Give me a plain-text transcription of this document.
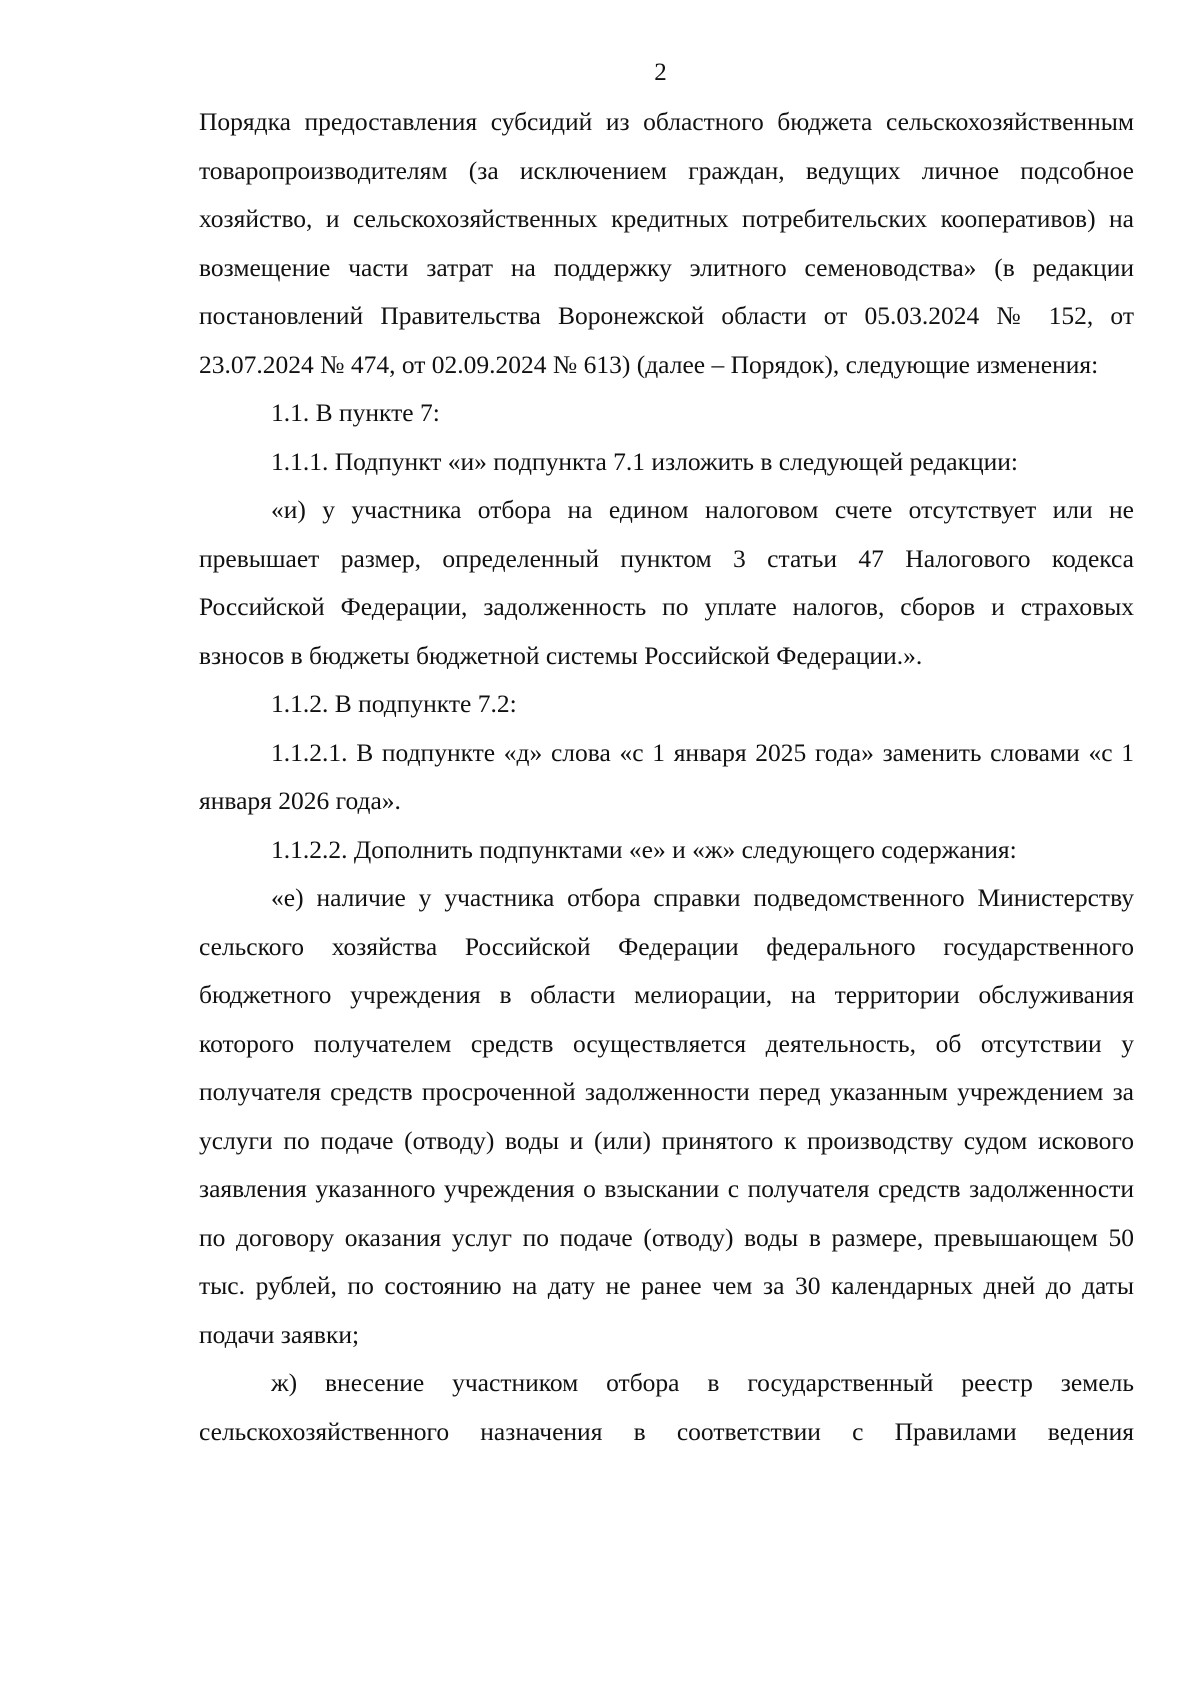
2

Порядка предоставления субсидий из областного бюджета сельскохозяйственным товаропроизводителям (за исключением граждан, ведущих личное подсобное хозяйство, и сельскохозяйственных кредитных потребительских кооперативов) на возмещение части затрат на поддержку элитного семеноводства» (в редакции постановлений Правительства Воронежской области от 05.03.2024 № 152, от 23.07.2024 № 474, от 02.09.2024 № 613) (далее – Порядок), следующие изменения:

1.1. В пункте 7:

1.1.1. Подпункт «и» подпункта 7.1 изложить в следующей редакции:

«и) у участника отбора на едином налоговом счете отсутствует или не превышает размер, определенный пунктом 3 статьи 47 Налогового кодекса Российской Федерации, задолженность по уплате налогов, сборов и страховых взносов в бюджеты бюджетной системы Российской Федерации.».

1.1.2. В подпункте 7.2:

1.1.2.1. В подпункте «д» слова «с 1 января 2025 года» заменить словами «с 1 января 2026 года».

1.1.2.2. Дополнить подпунктами «е» и «ж» следующего содержания:

«е) наличие у участника отбора справки подведомственного Министерству сельского хозяйства Российской Федерации федерального государственного бюджетного учреждения в области мелиорации, на территории обслуживания которого получателем средств осуществляется деятельность, об отсутствии у получателя средств просроченной задолженности перед указанным учреждением за услуги по подаче (отводу) воды и (или) принятого к производству судом искового заявления указанного учреждения о взыскании с получателя средств задолженности по договору оказания услуг по подаче (отводу) воды в размере, превышающем 50 тыс. рублей, по состоянию на дату не ранее чем за 30 календарных дней до даты подачи заявки;

ж) внесение участником отбора в государственный реестр земель сельскохозяйственного назначения в соответствии с Правилами ведения
